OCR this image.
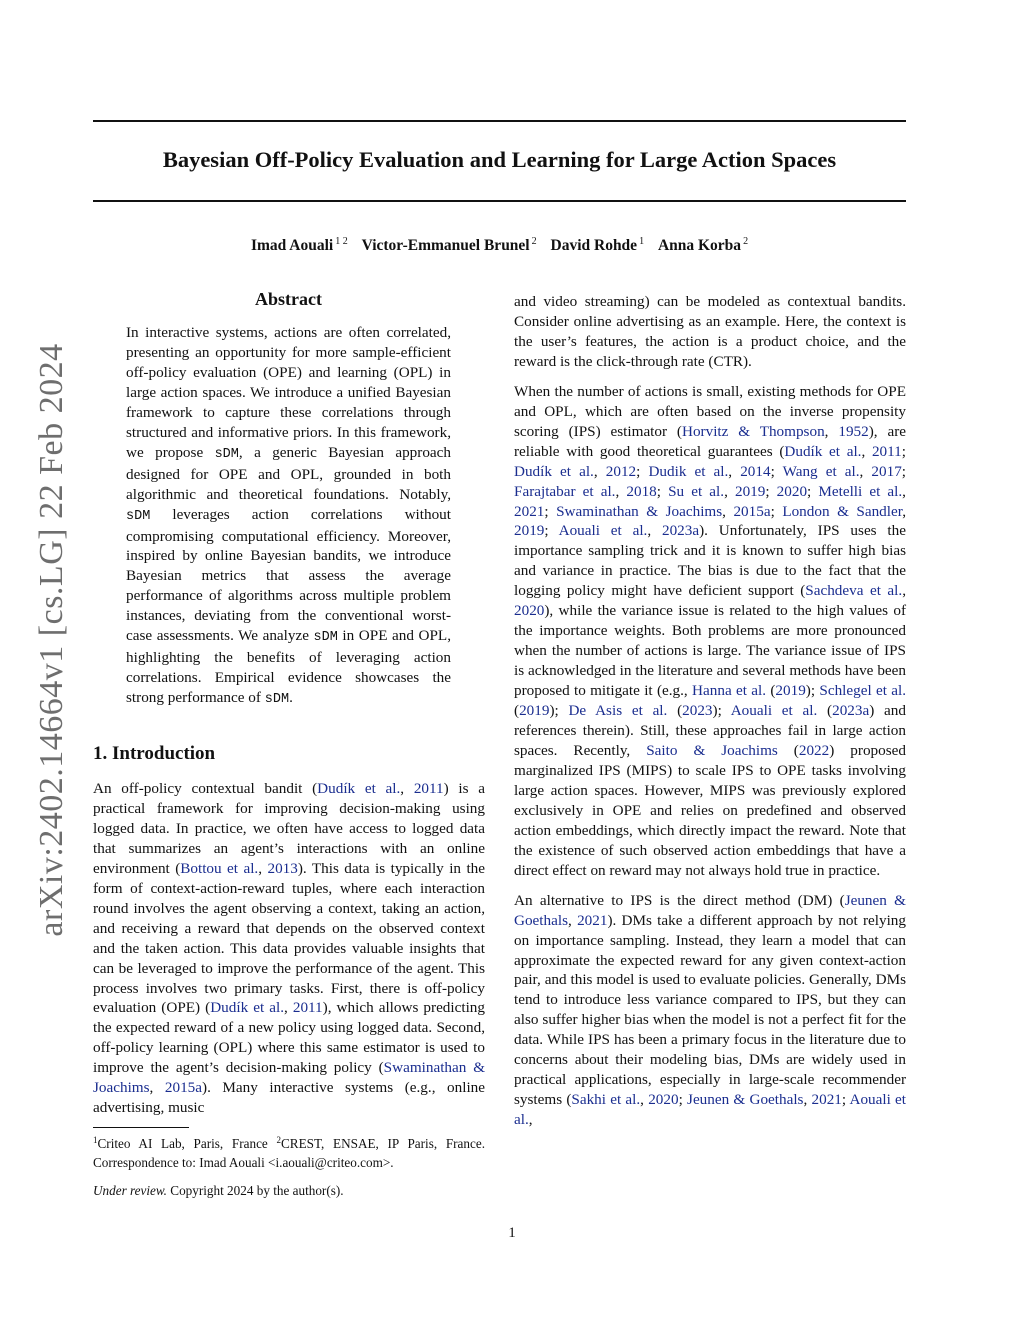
Bayesian Off-Policy Evaluation and Learning for Large Action Spaces
Imad Aouali $^{1 2}$ Victor-Emmanuel Brunel $^2$ David Rohde $^1$ Anna Korba $^2$
arXiv:2402.14664v1 [cs.LG] 22 Feb 2024
Abstract

In interactive systems, actions are often correlated, presenting an opportunity for more sample-efficient off-policy evaluation (OPE) and learning (OPL) in large action spaces. We introduce a unified Bayesian framework to capture these correlations through structured and informative priors. In this framework, we propose sDM, a generic Bayesian approach designed for OPE and OPL, grounded in both algorithmic and theoretical foundations. Notably, sDM leverages action correlations without compromising computational efficiency. Moreover, inspired by online Bayesian bandits, we introduce Bayesian metrics that assess the average performance of algorithms across multiple problem instances, deviating from the conventional worst-case assessments. We analyze sDM in OPE and OPL, highlighting the benefits of leveraging action correlations. Empirical evidence showcases the strong performance of sDM.

1. Introduction

An off-policy contextual bandit (Dudík et al., 2011) is a practical framework for improving decision-making using logged data. In practice, we often have access to logged data that summarizes an agent’s interactions with an online environment (Bottou et al., 2013). This data is typically in the form of context-action-reward tuples, where each interaction round involves the agent observing a context, taking an action, and receiving a reward that depends on the observed context and the taken action. This data provides valuable insights that can be leveraged to improve the performance of the agent. This process involves two primary tasks. First, there is off-policy evaluation (OPE) (Dudík et al., 2011), which allows predicting the expected reward of a new policy using logged data. Second, off-policy learning (OPL) where this same estimator is used to improve the agent’s decision-making policy (Swaminathan & Joachims, 2015a). Many interactive systems (e.g., online advertising, music

$^1$Criteo AI Lab, Paris, France $^2$CREST, ENSAE, IP Paris, France. Correspondence to: Imad Aouali <i.aouali@criteo.com>.

Under review. Copyright 2024 by the author(s).

and video streaming) can be modeled as contextual bandits. Consider online advertising as an example. Here, the context is the user’s features, the action is a product choice, and the reward is the click-through rate (CTR).

When the number of actions is small, existing methods for OPE and OPL, which are often based on the inverse propensity scoring (IPS) estimator (Horvitz & Thompson, 1952), are reliable with good theoretical guarantees (Dudík et al., 2011; Dudík et al., 2012; Dudik et al., 2014; Wang et al., 2017; Farajtabar et al., 2018; Su et al., 2019; 2020; Metelli et al., 2021; Swaminathan & Joachims, 2015a; London & Sandler, 2019; Aouali et al., 2023a). Unfortunately, IPS uses the importance sampling trick and it is known to suffer high bias and variance in practice. The bias is due to the fact that the logging policy might have deficient support (Sachdeva et al., 2020), while the variance issue is related to the high values of the importance weights. Both problems are more pronounced when the number of actions is large. The variance issue of IPS is acknowledged in the literature and several methods have been proposed to mitigate it (e.g., Hanna et al. (2019); Schlegel et al. (2019); De Asis et al. (2023); Aouali et al. (2023a) and references therein). Still, these approaches fail in large action spaces. Recently, Saito & Joachims (2022) proposed marginalized IPS (MIPS) to scale IPS to OPE tasks involving large action spaces. However, MIPS was previously explored exclusively in OPE and relies on predefined and observed action embeddings, which directly impact the reward. Note that the existence of such observed action embeddings that have a direct effect on reward may not always hold true in practice.

An alternative to IPS is the direct method (DM) (Jeunen & Goethals, 2021). DMs take a different approach by not relying on importance sampling. Instead, they learn a model that can approximate the expected reward for any given context-action pair, and this model is used to evaluate policies. Generally, DMs tend to introduce less variance compared to IPS, but they can also suffer higher bias when the model is not a perfect fit for the data. While IPS has been a primary focus in the literature due to concerns about their modeling bias, DMs are widely used in practical applications, especially in large-scale recommender systems (Sakhi et al., 2020; Jeunen & Goethals, 2021; Aouali et al.,

1
